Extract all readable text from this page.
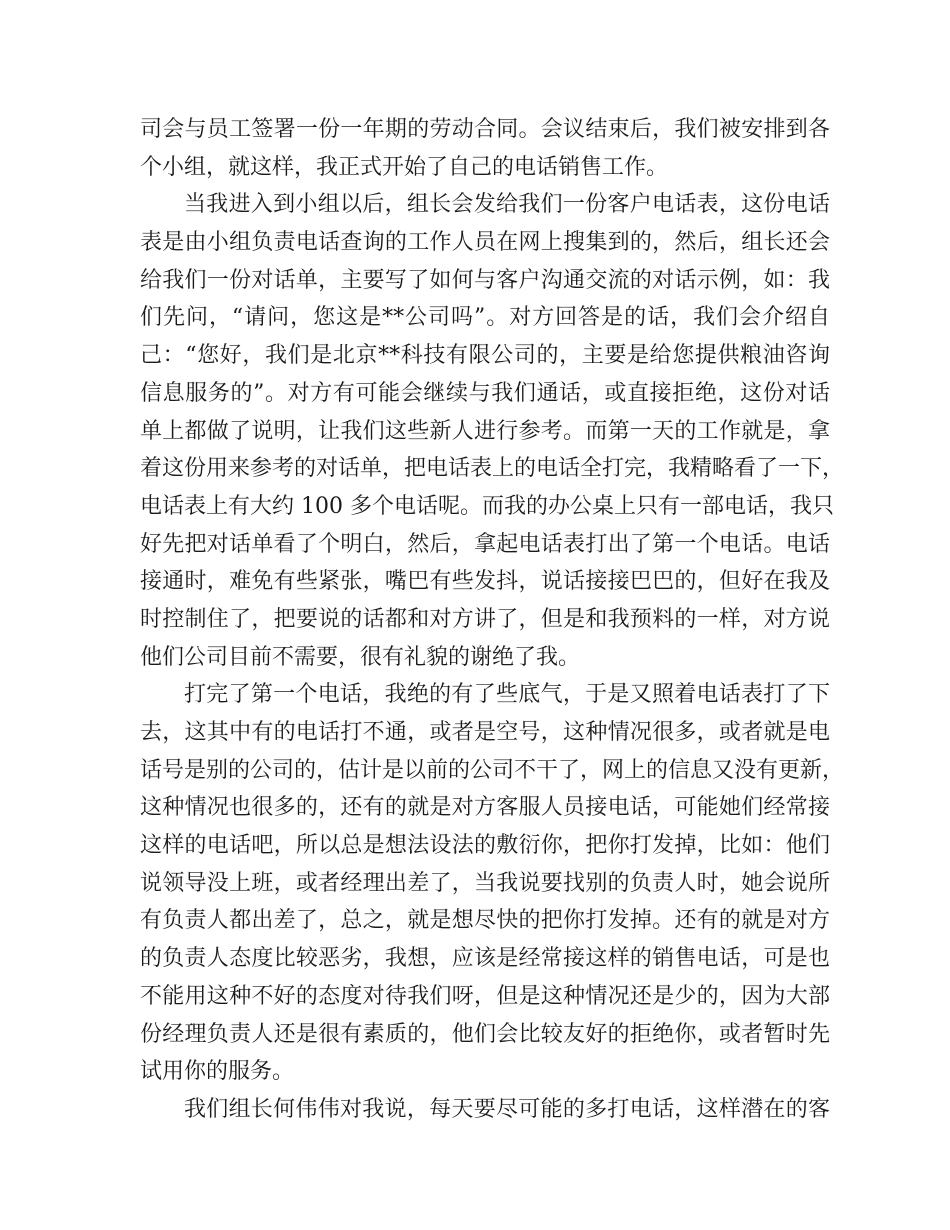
司会与员工签署一份一年期的劳动合同。会议结束后，我们被安排到各
个小组，就这样，我正式开始了自己的电话销售工作。
当我进入到小组以后，组长会发给我们一份客户电话表，这份电话
表是由小组负责电话查询的工作人员在网上搜集到的，然后，组长还会
给我们一份对话单，主要写了如何与客户沟通交流的对话示例，如：我
们先问，“请问，您这是**公司吗”。对方回答是的话，我们会介绍自
己：“您好，我们是北京**科技有限公司的，主要是给您提供粮油咨询
信息服务的”。对方有可能会继续与我们通话，或直接拒绝，这份对话
单上都做了说明，让我们这些新人进行参考。而第一天的工作就是，拿
着这份用来参考的对话单，把电话表上的电话全打完，我精略看了一下，
电话表上有大约 100 多个电话呢。而我的办公桌上只有一部电话，我只
好先把对话单看了个明白，然后，拿起电话表打出了第一个电话。电话
接通时，难免有些紧张，嘴巴有些发抖，说话接接巴巴的，但好在我及
时控制住了，把要说的话都和对方讲了，但是和我预料的一样，对方说
他们公司目前不需要，很有礼貌的谢绝了我。
打完了第一个电话，我绝的有了些底气，于是又照着电话表打了下
去，这其中有的电话打不通，或者是空号，这种情况很多，或者就是电
话号是别的公司的，估计是以前的公司不干了，网上的信息又没有更新，
这种情况也很多的，还有的就是对方客服人员接电话，可能她们经常接
这样的电话吧，所以总是想法设法的敷衍你，把你打发掉，比如：他们
说领导没上班，或者经理出差了，当我说要找别的负责人时，她会说所
有负责人都出差了，总之，就是想尽快的把你打发掉。还有的就是对方
的负责人态度比较恶劣，我想，应该是经常接这样的销售电话，可是也
不能用这种不好的态度对待我们呀，但是这种情况还是少的，因为大部
份经理负责人还是很有素质的，他们会比较友好的拒绝你，或者暂时先
试用你的服务。
我们组长何伟伟对我说，每天要尽可能的多打电话，这样潜在的客
